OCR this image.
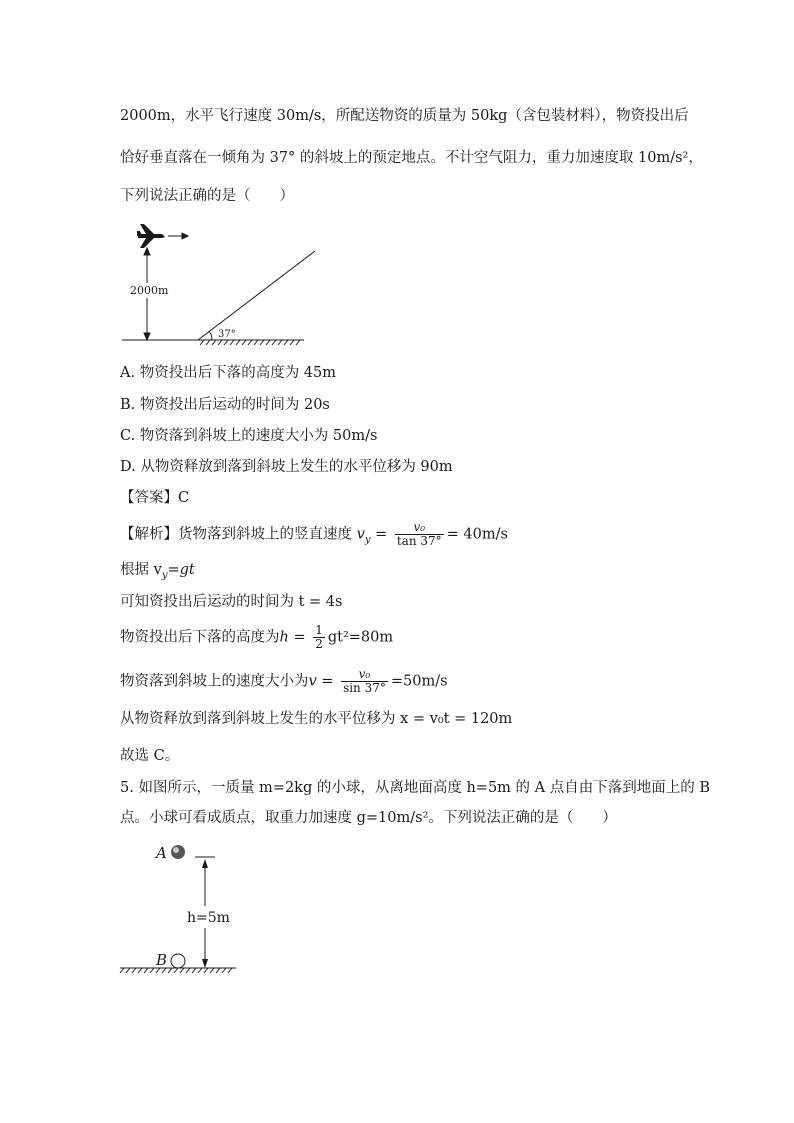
2000m，水平飞行速度 30m/s，所配送物资的质量为 50kg（含包装材料），物资投出后
恰好垂直落在一倾角为 37° 的斜坡上的预定地点。不计空气阻力，重力加速度取 10m/s²，
下列说法正确的是（　　）
2000m
37°
A. 物资投出后下落的高度为 45m
B. 物资投出后运动的时间为 20s
C. 物资落到斜坡上的速度大小为 50m/s
D. 从物资释放到落到斜坡上发生的水平位移为 90m
【答案】C
【解析】货物落到斜坡上的竖直速度 $v_y = \frac{\text{v₀}}{\tan 37^\circ} = 40m/s$
根据 $v_y=gt$
可知资投出后运动的时间为 t = 4s
物资投出后下落的高度为$h = \frac{1}{2} gt^2=80m$
物资落到斜坡上的速度大小为$v = \frac{\text{v₀}}{\sin 37^\circ} =50m/s$
从物资释放到落到斜坡上发生的水平位移为 x = v₀t = 120m
故选 C。
5. 如图所示，一质量 m=2kg 的小球，从离地面高度 h=5m 的 A 点自由下落到地面上的 B
点。小球可看成质点，取重力加速度 g=10m/s²。下列说法正确的是（　　）
A
h=5m
B
